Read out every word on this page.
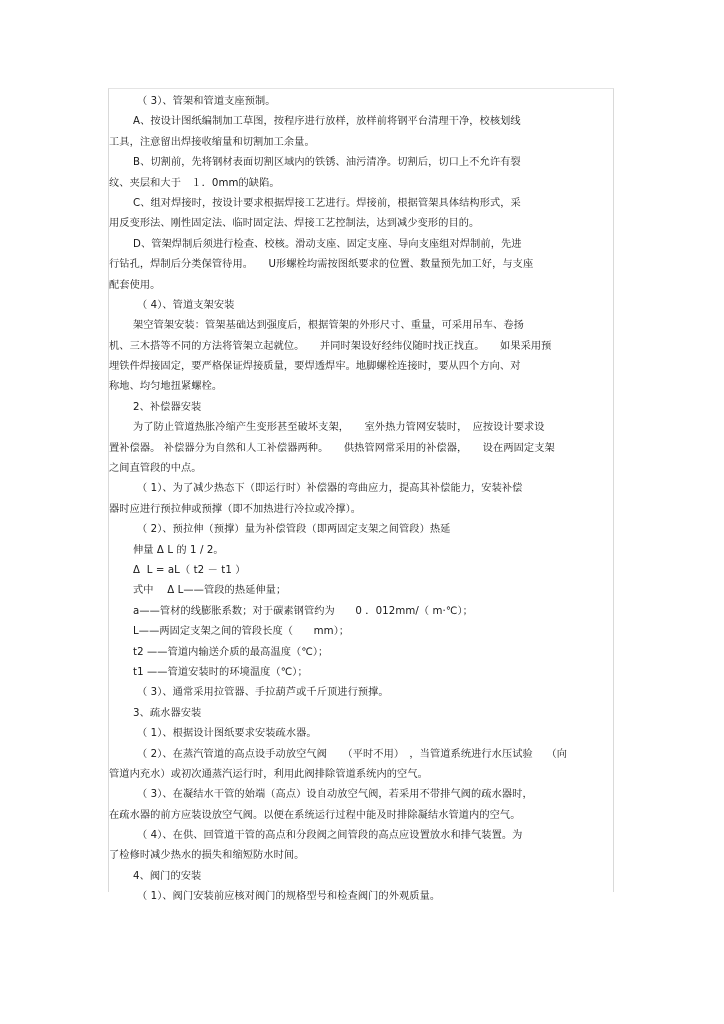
（ 3）、管架和管道支座预制。
A、按设计图纸编制加工草图，按程序进行放样，放样前将钢平台清理干净，校核划线
工具，注意留出焊接收缩量和切割加工余量。
B、切割前，先将钢材表面切割区域内的铁锈、油污清净。切割后，切口上不允许有裂
纹、夹层和大于　１．0mm的缺陷。
C、组对焊接时，按设计要求根据焊接工艺进行。焊接前，根据管架具体结构形式，采
用反变形法、刚性固定法、临时固定法、焊接工艺控制法，达到减少变形的目的。
D、管架焊制后须进行检查、校核。滑动支座、固定支座、导向支座组对焊制前，先进
行钻孔，焊制后分类保管待用。　　U形螺栓均需按图纸要求的位置、数量预先加工好，与支座
配套使用。
（ 4）、管道支架安装
架空管架安装：管架基础达到强度后，根据管架的外形尺寸、重量，可采用吊车、卷扬
机、三木搭等不同的方法将管架立起就位。　　并同时架设好经纬仪随时找正找直。　　如果采用预
埋铁件焊接固定，要严格保证焊接质量，要焊透焊牢。地脚螺栓连接时，要从四个方向、对
称地、均匀地扭紧螺栓。
2、补偿器安装
为了防止管道热胀冷缩产生变形甚至破坏支架，　　室外热力管网安装时，　应按设计要求设
置补偿器。 补偿器分为自然和人工补偿器两种。　　供热管网常采用的补偿器，　　设在两固定支架
之间直管段的中点。
（ 1）、为了减少热态下（即运行时）补偿器的弯曲应力，提高其补偿能力，安装补偿
器时应进行预拉伸或预撑（即不加热进行冷拉或冷撑）。
（ 2）、预拉伸（预撑）量为补偿管段（即两固定支架之间管段）热延
伸量 Δ L 的 1 / 2。
Δ  L = aL（ t2 － t1 ）
式中　 Δ L——管段的热延伸量；
a——管材的线膨胀系数；对于碳素钢管约为　　0 ．012mm/（ m·℃）；
L——两固定支架之间的管段长度（　　mm）；
t2 ——管道内输送介质的最高温度（℃）；
t1 ——管道安装时的环境温度（℃）；
（ 3）、通常采用拉管器、手拉葫芦或千斤顶进行预撑。
3、疏水器安装
（ 1）、根据设计图纸要求安装疏水器。
（ 2）、在蒸汽管道的高点设手动放空气阀　　（平时不用）　，当管道系统进行水压试验　 （向
管道内充水）或初次通蒸汽运行时，利用此阀排除管道系统内的空气。
（ 3）、在凝结水干管的始端（高点）设自动放空气阀，若采用不带排气阀的疏水器时，
在疏水器的前方应装设放空气阀。以便在系统运行过程中能及时排除凝结水管道内的空气。
（ 4）、在供、回管道干管的高点和分段阀之间管段的高点应设置放水和排气装置。为
了检修时减少热水的损失和缩短防水时间。
4、阀门的安装
（ 1）、阀门安装前应核对阀门的规格型号和检查阀门的外观质量。
